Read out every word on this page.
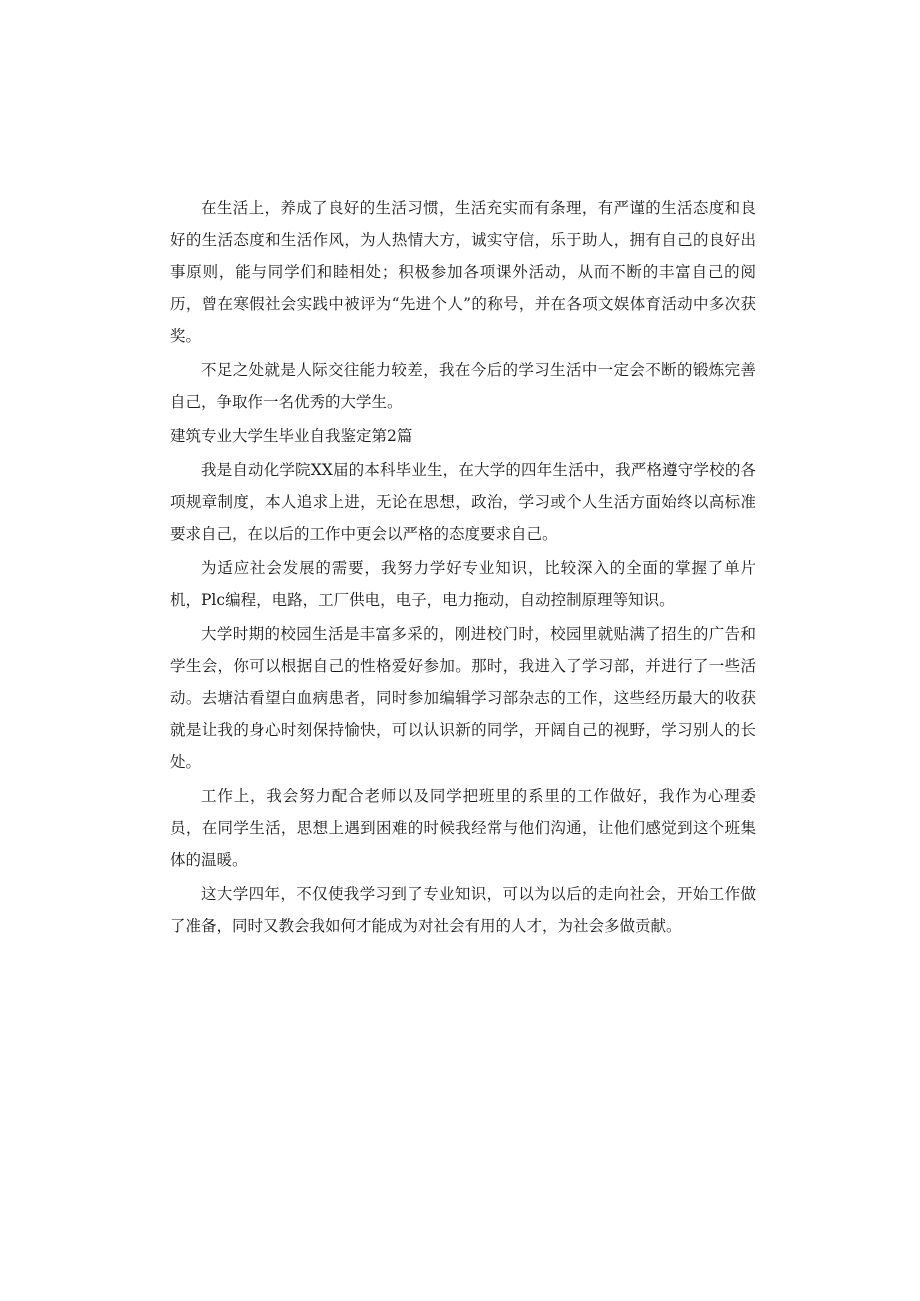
在生活上，养成了良好的生活习惯，生活充实而有条理，有严谨的生活态度和良好的生活态度和生活作风，为人热情大方，诚实守信，乐于助人，拥有自己的良好出事原则，能与同学们和睦相处；积极参加各项课外活动，从而不断的丰富自己的阅历，曾在寒假社会实践中被评为“先进个人”的称号，并在各项文娱体育活动中多次获奖。

不足之处就是人际交往能力较差，我在今后的学习生活中一定会不断的锻炼完善自己，争取作一名优秀的大学生。

建筑专业大学生毕业自我鉴定第2篇

我是自动化学院XX届的本科毕业生，在大学的四年生活中，我严格遵守学校的各项规章制度，本人追求上进，无论在思想，政治，学习或个人生活方面始终以高标准要求自己，在以后的工作中更会以严格的态度要求自己。

为适应社会发展的需要，我努力学好专业知识，比较深入的全面的掌握了单片机，Plc编程，电路，工厂供电，电子，电力拖动，自动控制原理等知识。

大学时期的校园生活是丰富多采的，刚进校门时，校园里就贴满了招生的广告和学生会，你可以根据自己的性格爱好参加。那时，我进入了学习部，并进行了一些活动。去塘沽看望白血病患者，同时参加编辑学习部杂志的工作，这些经历最大的收获就是让我的身心时刻保持愉快，可以认识新的同学，开阔自己的视野，学习别人的长处。

工作上，我会努力配合老师以及同学把班里的系里的工作做好，我作为心理委员，在同学生活，思想上遇到困难的时候我经常与他们沟通，让他们感觉到这个班集体的温暖。

这大学四年，不仅使我学习到了专业知识，可以为以后的走向社会，开始工作做了准备，同时又教会我如何才能成为对社会有用的人才，为社会多做贡献。
